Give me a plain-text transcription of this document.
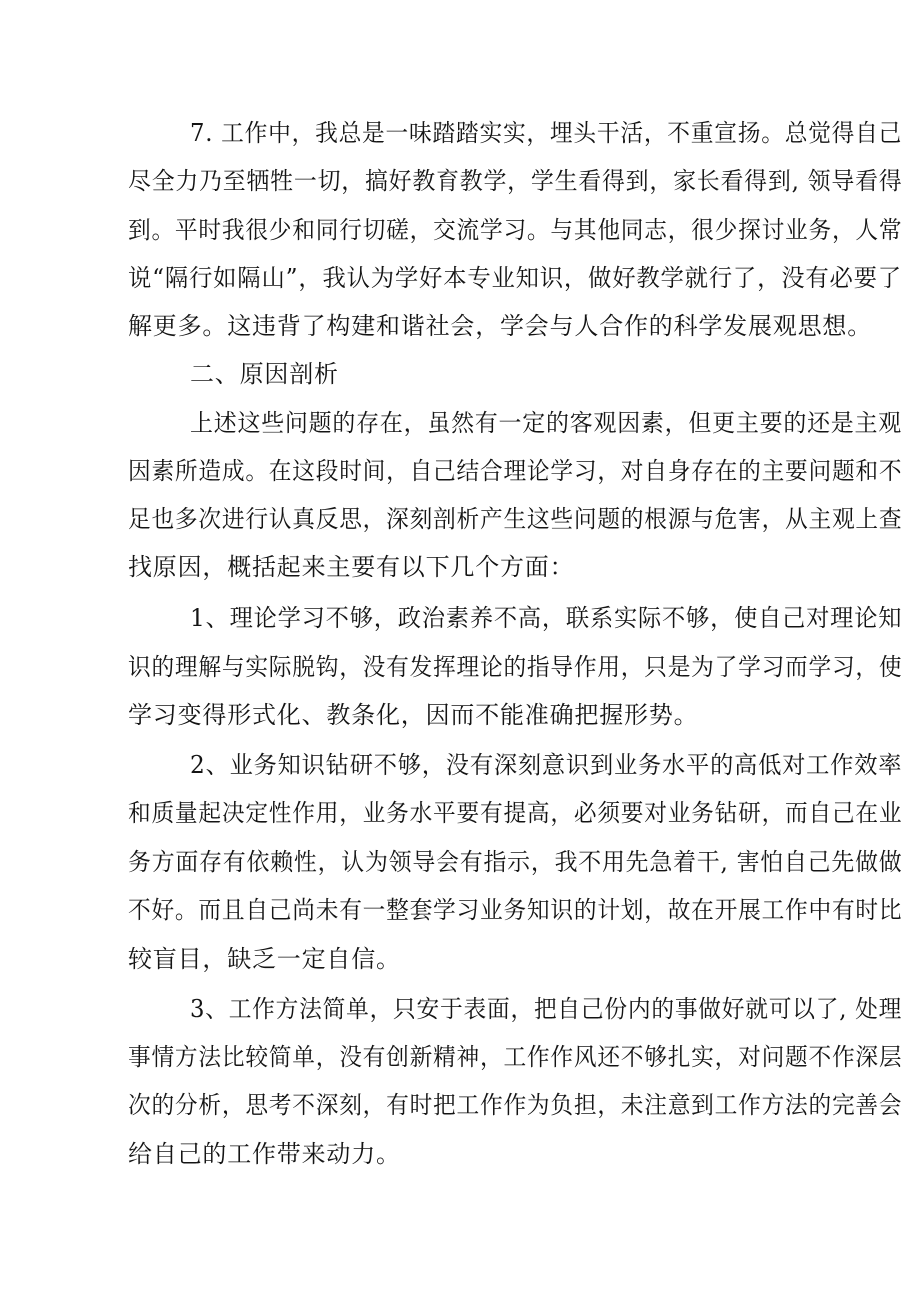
7. 工作中，我总是一味踏踏实实，埋头干活，不重宣扬。总觉得自己
尽全力乃至牺牲一切，搞好教育教学，学生看得到，家长看得到, 领导看得
到。平时我很少和同行切磋，交流学习。与其他同志，很少探讨业务，人常
说“隔行如隔山”，我认为学好本专业知识，做好教学就行了，没有必要了
解更多。这违背了构建和谐社会，学会与人合作的科学发展观思想。
二、原因剖析
上述这些问题的存在，虽然有一定的客观因素，但更主要的还是主观
因素所造成。在这段时间，自己结合理论学习，对自身存在的主要问题和不
足也多次进行认真反思，深刻剖析产生这些问题的根源与危害，从主观上查
找原因，概括起来主要有以下几个方面：
1、理论学习不够，政治素养不高，联系实际不够，使自己对理论知
识的理解与实际脱钩，没有发挥理论的指导作用，只是为了学习而学习，使
学习变得形式化、教条化，因而不能准确把握形势。
2、业务知识钻研不够，没有深刻意识到业务水平的高低对工作效率
和质量起决定性作用，业务水平要有提高，必须要对业务钻研，而自己在业
务方面存有依赖性，认为领导会有指示，我不用先急着干, 害怕自己先做做
不好。而且自己尚未有一整套学习业务知识的计划，故在开展工作中有时比
较盲目，缺乏一定自信。
3、工作方法简单，只安于表面，把自己份内的事做好就可以了, 处理
事情方法比较简单，没有创新精神，工作作风还不够扎实，对问题不作深层
次的分析，思考不深刻，有时把工作作为负担，未注意到工作方法的完善会
给自己的工作带来动力。
